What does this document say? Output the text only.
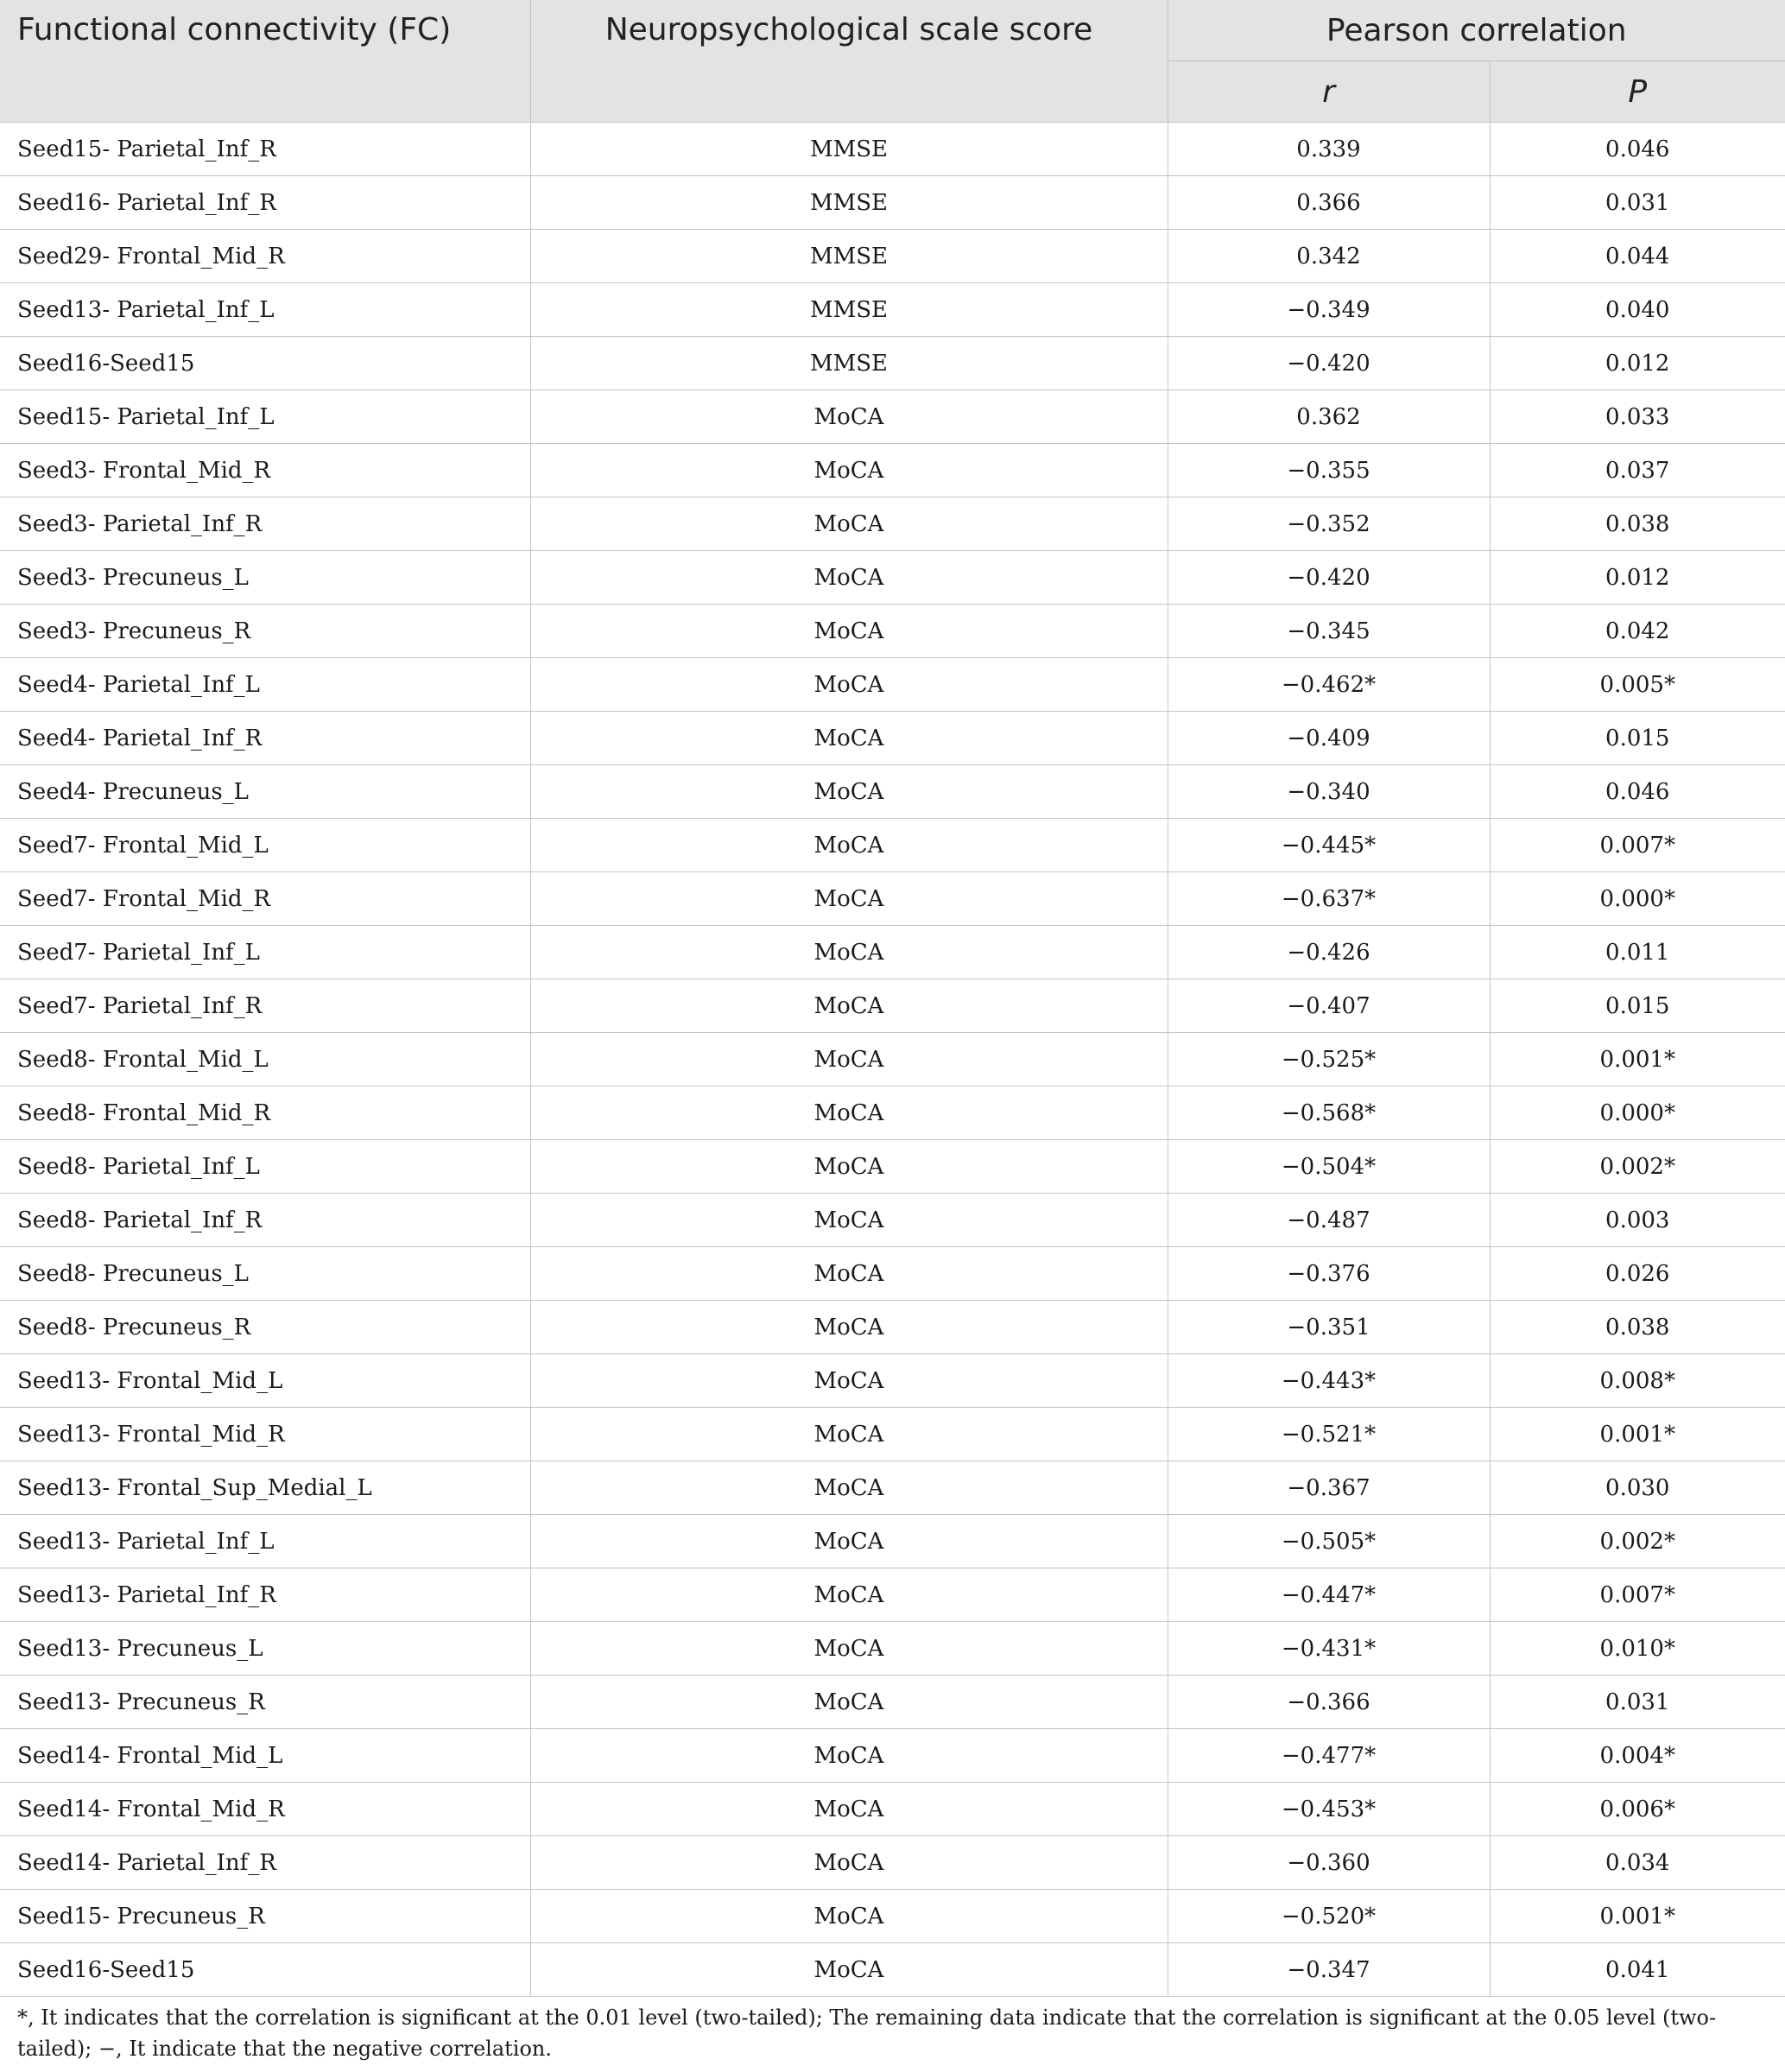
Functional connectivity (FC)	Neuropsychological scale score	Pearson correlation	
		r	P
Seed15- Parietal_Inf_R	MMSE	0.339	0.046
Seed16- Parietal_Inf_R	MMSE	0.366	0.031
Seed29- Frontal_Mid_R	MMSE	0.342	0.044
Seed13- Parietal_Inf_L	MMSE	−0.349	0.040
Seed16-Seed15	MMSE	−0.420	0.012
Seed15- Parietal_Inf_L	MoCA	0.362	0.033
Seed3- Frontal_Mid_R	MoCA	−0.355	0.037
Seed3- Parietal_Inf_R	MoCA	−0.352	0.038
Seed3- Precuneus_L	MoCA	−0.420	0.012
Seed3- Precuneus_R	MoCA	−0.345	0.042
Seed4- Parietal_Inf_L	MoCA	−0.462*	0.005*
Seed4- Parietal_Inf_R	MoCA	−0.409	0.015
Seed4- Precuneus_L	MoCA	−0.340	0.046
Seed7- Frontal_Mid_L	MoCA	−0.445*	0.007*
Seed7- Frontal_Mid_R	MoCA	−0.637*	0.000*
Seed7- Parietal_Inf_L	MoCA	−0.426	0.011
Seed7- Parietal_Inf_R	MoCA	−0.407	0.015
Seed8- Frontal_Mid_L	MoCA	−0.525*	0.001*
Seed8- Frontal_Mid_R	MoCA	−0.568*	0.000*
Seed8- Parietal_Inf_L	MoCA	−0.504*	0.002*
Seed8- Parietal_Inf_R	MoCA	−0.487	0.003
Seed8- Precuneus_L	MoCA	−0.376	0.026
Seed8- Precuneus_R	MoCA	−0.351	0.038
Seed13- Frontal_Mid_L	MoCA	−0.443*	0.008*
Seed13- Frontal_Mid_R	MoCA	−0.521*	0.001*
Seed13- Frontal_Sup_Medial_L	MoCA	−0.367	0.030
Seed13- Parietal_Inf_L	MoCA	−0.505*	0.002*
Seed13- Parietal_Inf_R	MoCA	−0.447*	0.007*
Seed13- Precuneus_L	MoCA	−0.431*	0.010*
Seed13- Precuneus_R	MoCA	−0.366	0.031
Seed14- Frontal_Mid_L	MoCA	−0.477*	0.004*
Seed14- Frontal_Mid_R	MoCA	−0.453*	0.006*
Seed14- Parietal_Inf_R	MoCA	−0.360	0.034
Seed15- Precuneus_R	MoCA	−0.520*	0.001*
Seed16-Seed15	MoCA	−0.347	0.041
*, It indicates that the correlation is significant at the 0.01 level (two-tailed); The remaining data indicate that the correlation is significant at the 0.05 level (two-tailed); −, It indicate that the negative correlation.
